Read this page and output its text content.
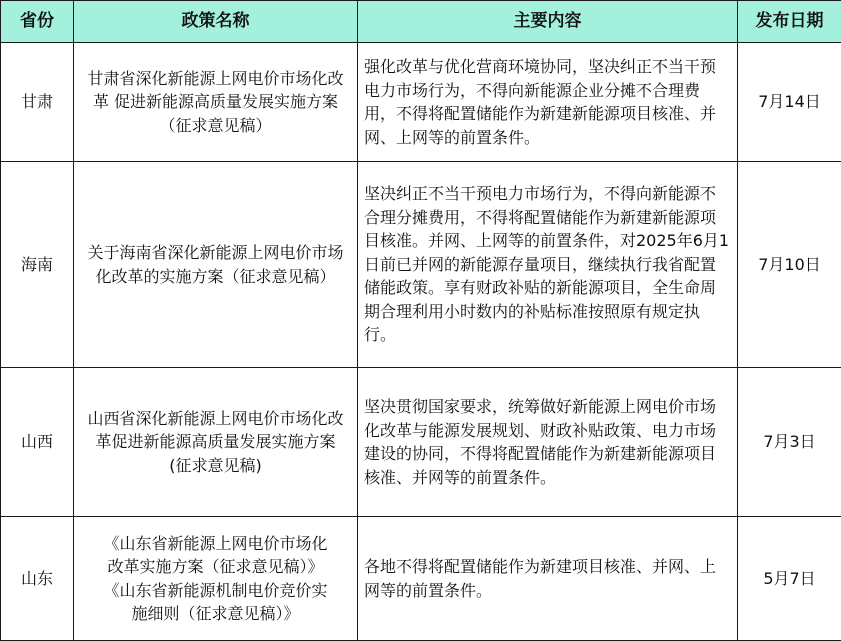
省份	政策名称	主要内容	发布日期
甘肃	甘肃省深化新能源上网电价市场化改革 促进新能源高质量发展实施方案（征求意见稿）	强化改革与优化营商环境协同，坚决纠正不当干预电力市场行为，不得向新能源企业分摊不合理费用，不得将配置储能作为新建新能源项目核准、并网、上网等的前置条件。	7月14日
海南	关于海南省深化新能源上网电价市场化改革的实施方案（征求意见稿）	坚决纠正不当干预电力市场行为，不得向新能源不合理分摊费用，不得将配置储能作为新建新能源项目核准。并网、上网等的前置条件，对2025年6月1日前已并网的新能源存量项目，继续执行我省配置储能政策。享有财政补贴的新能源项目，全生命周期合理利用小时数内的补贴标准按照原有规定执行。	7月10日
山西	山西省深化新能源上网电价市场化改革促进新能源高质量发展实施方案(征求意见稿)	坚决贯彻国家要求，统筹做好新能源上网电价市场化改革与能源发展规划、财政补贴政策、电力市场建设的协同，不得将配置储能作为新建新能源项目核准、并网等的前置条件。	7月3日
山东	《山东省新能源上网电价市场化
改革实施方案（征求意见稿）》
《山东省新能源机制电价竞价实
施细则（征求意见稿）》	各地不得将配置储能作为新建项目核准、并网、上网等的前置条件。	5月7日
